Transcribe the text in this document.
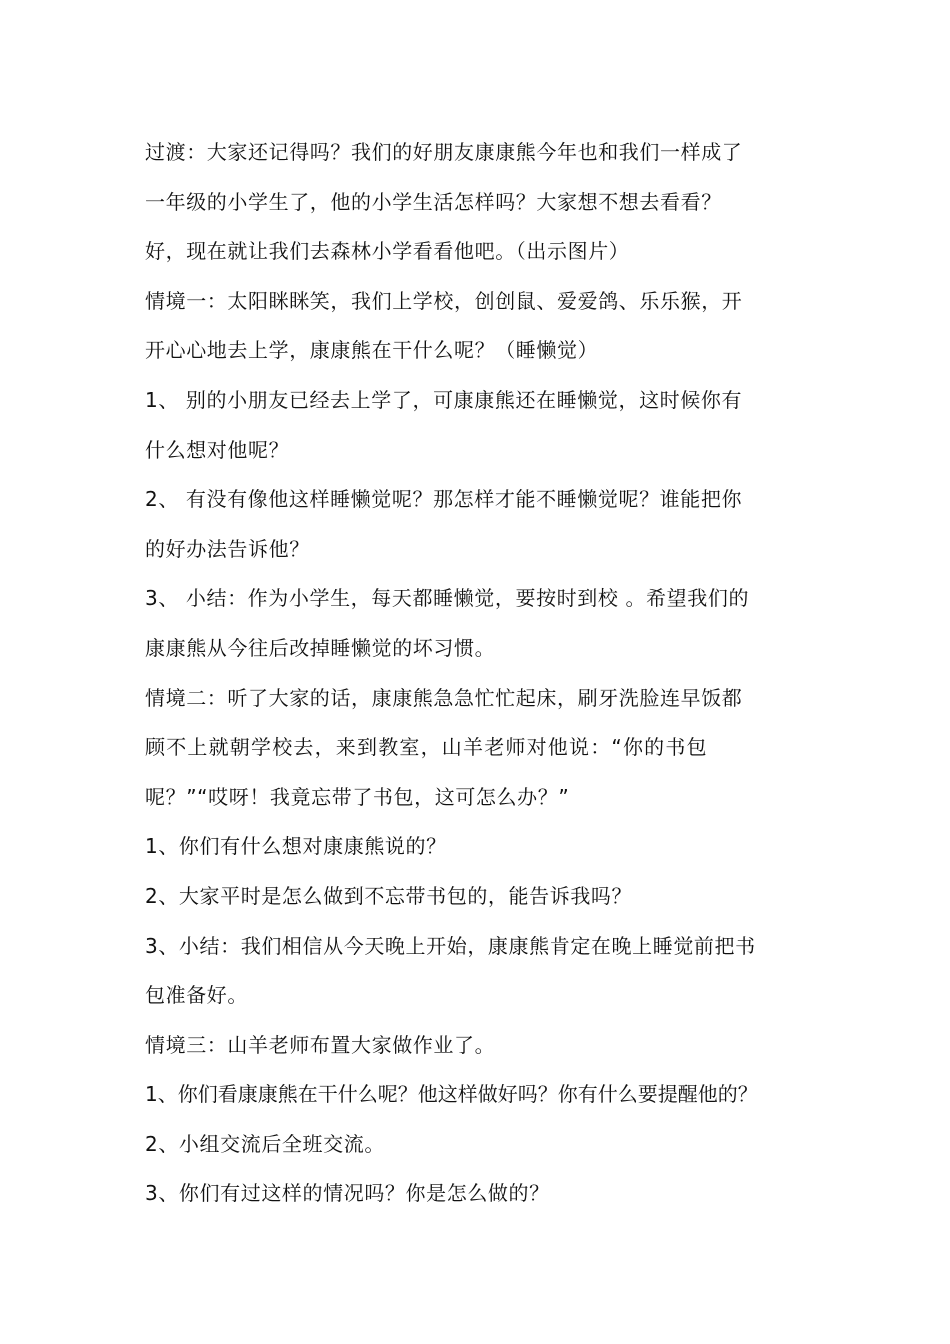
过渡：大家还记得吗？我们的好朋友康康熊今年也和我们一样成了
一年级的小学生了，他的小学生活怎样吗？大家想不想去看看？
好，现在就让我们去森林小学看看他吧。（出示图片）
情境一：太阳眯眯笑，我们上学校，创创鼠、爱爱鸽、乐乐猴，开
开心心地去上学，康康熊在干什么呢？（睡懒觉）
1、 别的小朋友已经去上学了，可康康熊还在睡懒觉，这时候你有
什么想对他呢？
2、 有没有像他这样睡懒觉呢？那怎样才能不睡懒觉呢？谁能把你
的好办法告诉他？
3、 小结：作为小学生，每天都睡懒觉，要按时到校 。希望我们的
康康熊从今往后改掉睡懒觉的坏习惯。
情境二：听了大家的话，康康熊急急忙忙起床，刷牙洗脸连早饭都
顾不上就朝学校去，来到教室，山羊老师对他说：“你的书包
呢？”“哎呀！我竟忘带了书包，这可怎么办？”
1、你们有什么想对康康熊说的？
2、大家平时是怎么做到不忘带书包的，能告诉我吗？
3、小结：我们相信从今天晚上开始，康康熊肯定在晚上睡觉前把书
包准备好。
情境三：山羊老师布置大家做作业了。
1、你们看康康熊在干什么呢？他这样做好吗？你有什么要提醒他的？
2、小组交流后全班交流。
3、你们有过这样的情况吗？你是怎么做的？
